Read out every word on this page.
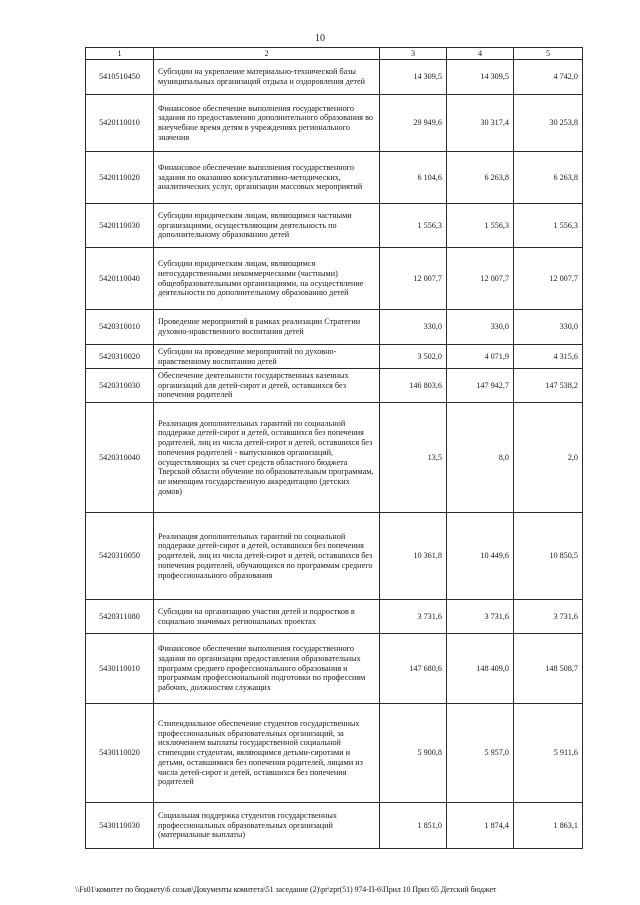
10
1	2	3	4	5
5410510450	Субсидии на укрепление материально-технической базы муниципальных организаций отдыха и оздоровления детей	14 309,5	14 309,5	4 742,0
5420110010	Финансовое обеспечение выполнения государственного задания по предоставлению дополнительного образования во внеучебное время детям в учреждениях регионального значения	29 949,6	30 317,4	30 253,8
5420110020	Финансовое обеспечение выполнения государственного задания по оказанию консультативно-методических, аналитических услуг, организации массовых мероприятий	6 104,6	6 263,8	6 263,8
5420110030	Субсидии юридическим лицам, являющимся частными организациями, осуществляющим деятельность по дополнительному образованию детей	1 556,3	1 556,3	1 556,3
5420110040	Субсидии юридическим лицам, являющимся негосударственными некоммерческими (частными) общеобразовательными организациями, на осуществление деятельности по дополнительному образованию детей	12 007,7	12 007,7	12 007,7
5420310010	Проведение мероприятий в рамках реализации Стратегии духовно-нравственного воспитания детей	330,0	330,0	330,0
5420310020	Субсидии на проведение мероприятий по духовно-нравственному воспитанию детей	3 502,0	4 071,9	4 315,6
5420310030	Обеспечение деятельности государственных казенных организаций для детей-сирот и детей, оставшихся без попечения родителей	146 803,6	147 942,7	147 538,2
5420310040	Реализация дополнительных гарантий по социальной поддержке детей-сирот и детей, оставшихся без попечения родителей, лиц из числа детей-сирот и детей, оставшихся без попечения родителей - выпускников организаций, осуществляющих за счет средств областного бюджета Тверской области обучение по образовательным программам, не имеющим государственную аккредитацию (детских домов)	13,5	8,0	2,0
5420310050	Реализация дополнительных гарантий по социальной поддержке детей-сирот и детей, оставшихся без попечения родителей, лиц из числа детей-сирот и детей, оставшихся без попечения родителей, обучающихся по программам среднего профессионального образования	10 361,8	10 449,6	10 850,5
5420311080	Субсидии на организацию участия детей и подростков в социально значимых региональных проектах	3 731,6	3 731,6	3 731,6
5430110010	Финансовое обеспечение выполнения государственного задания по организации предоставления образовательных программ среднего профессионального образования и программам профессиональной подготовки по профессиям рабочих, должностям служащих	147 680,6	148 409,0	148 508,7
5430110020	Стипендиальное обеспечение студентов государственных профессиональных образовательных организаций, за исключением выплаты государственной социальной стипендии студентам, являющимся детьми-сиротами и детьми, оставшимися без попечения родителей, лицами из числа детей-сирот и детей, оставшихся без попечения родителей	5 900,8	5 957,0	5 911,6
5430110030	Социальная поддержка студентов государственных профессиональных образовательных организаций (материальные выплаты)	1 851,0	1 874,4	1 863,1
\\Fs01\комитет по бюджету\6 созыв\Документы комитета\51 заседание (2)\pr\zpr(51) 974-П-6\Прил 10 Приз 65 Детский бюджет
